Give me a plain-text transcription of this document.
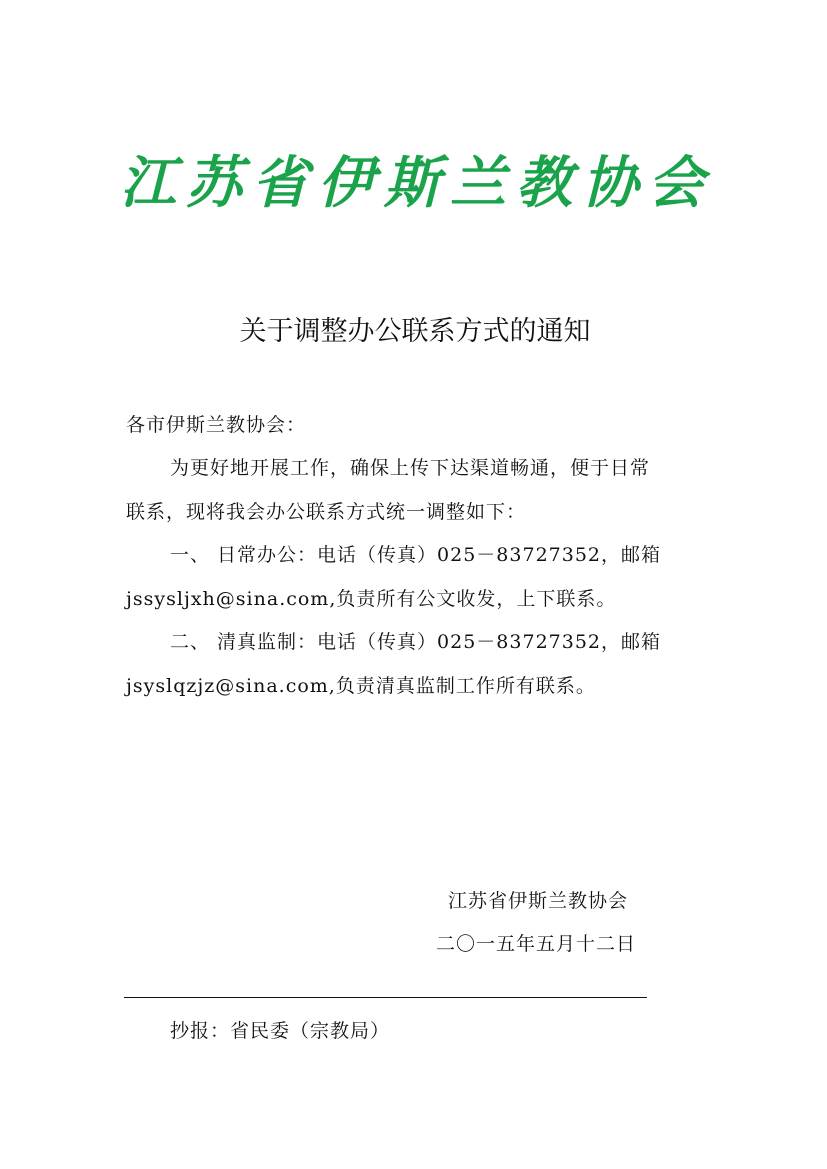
江苏省伊斯兰教协会
关于调整办公联系方式的通知
各市伊斯兰教协会：
为更好地开展工作，确保上传下达渠道畅通，便于日常
联系，现将我会办公联系方式统一调整如下：
一、 日常办公：电话（传真）025－83727352，邮箱
jssysljxh@sina.com,负责所有公文收发，上下联系。
二、 清真监制：电话（传真）025－83727352，邮箱
jsyslqzjz@sina.com,负责清真监制工作所有联系。
江苏省伊斯兰教协会
二〇一五年五月十二日
抄报：省民委（宗教局）
